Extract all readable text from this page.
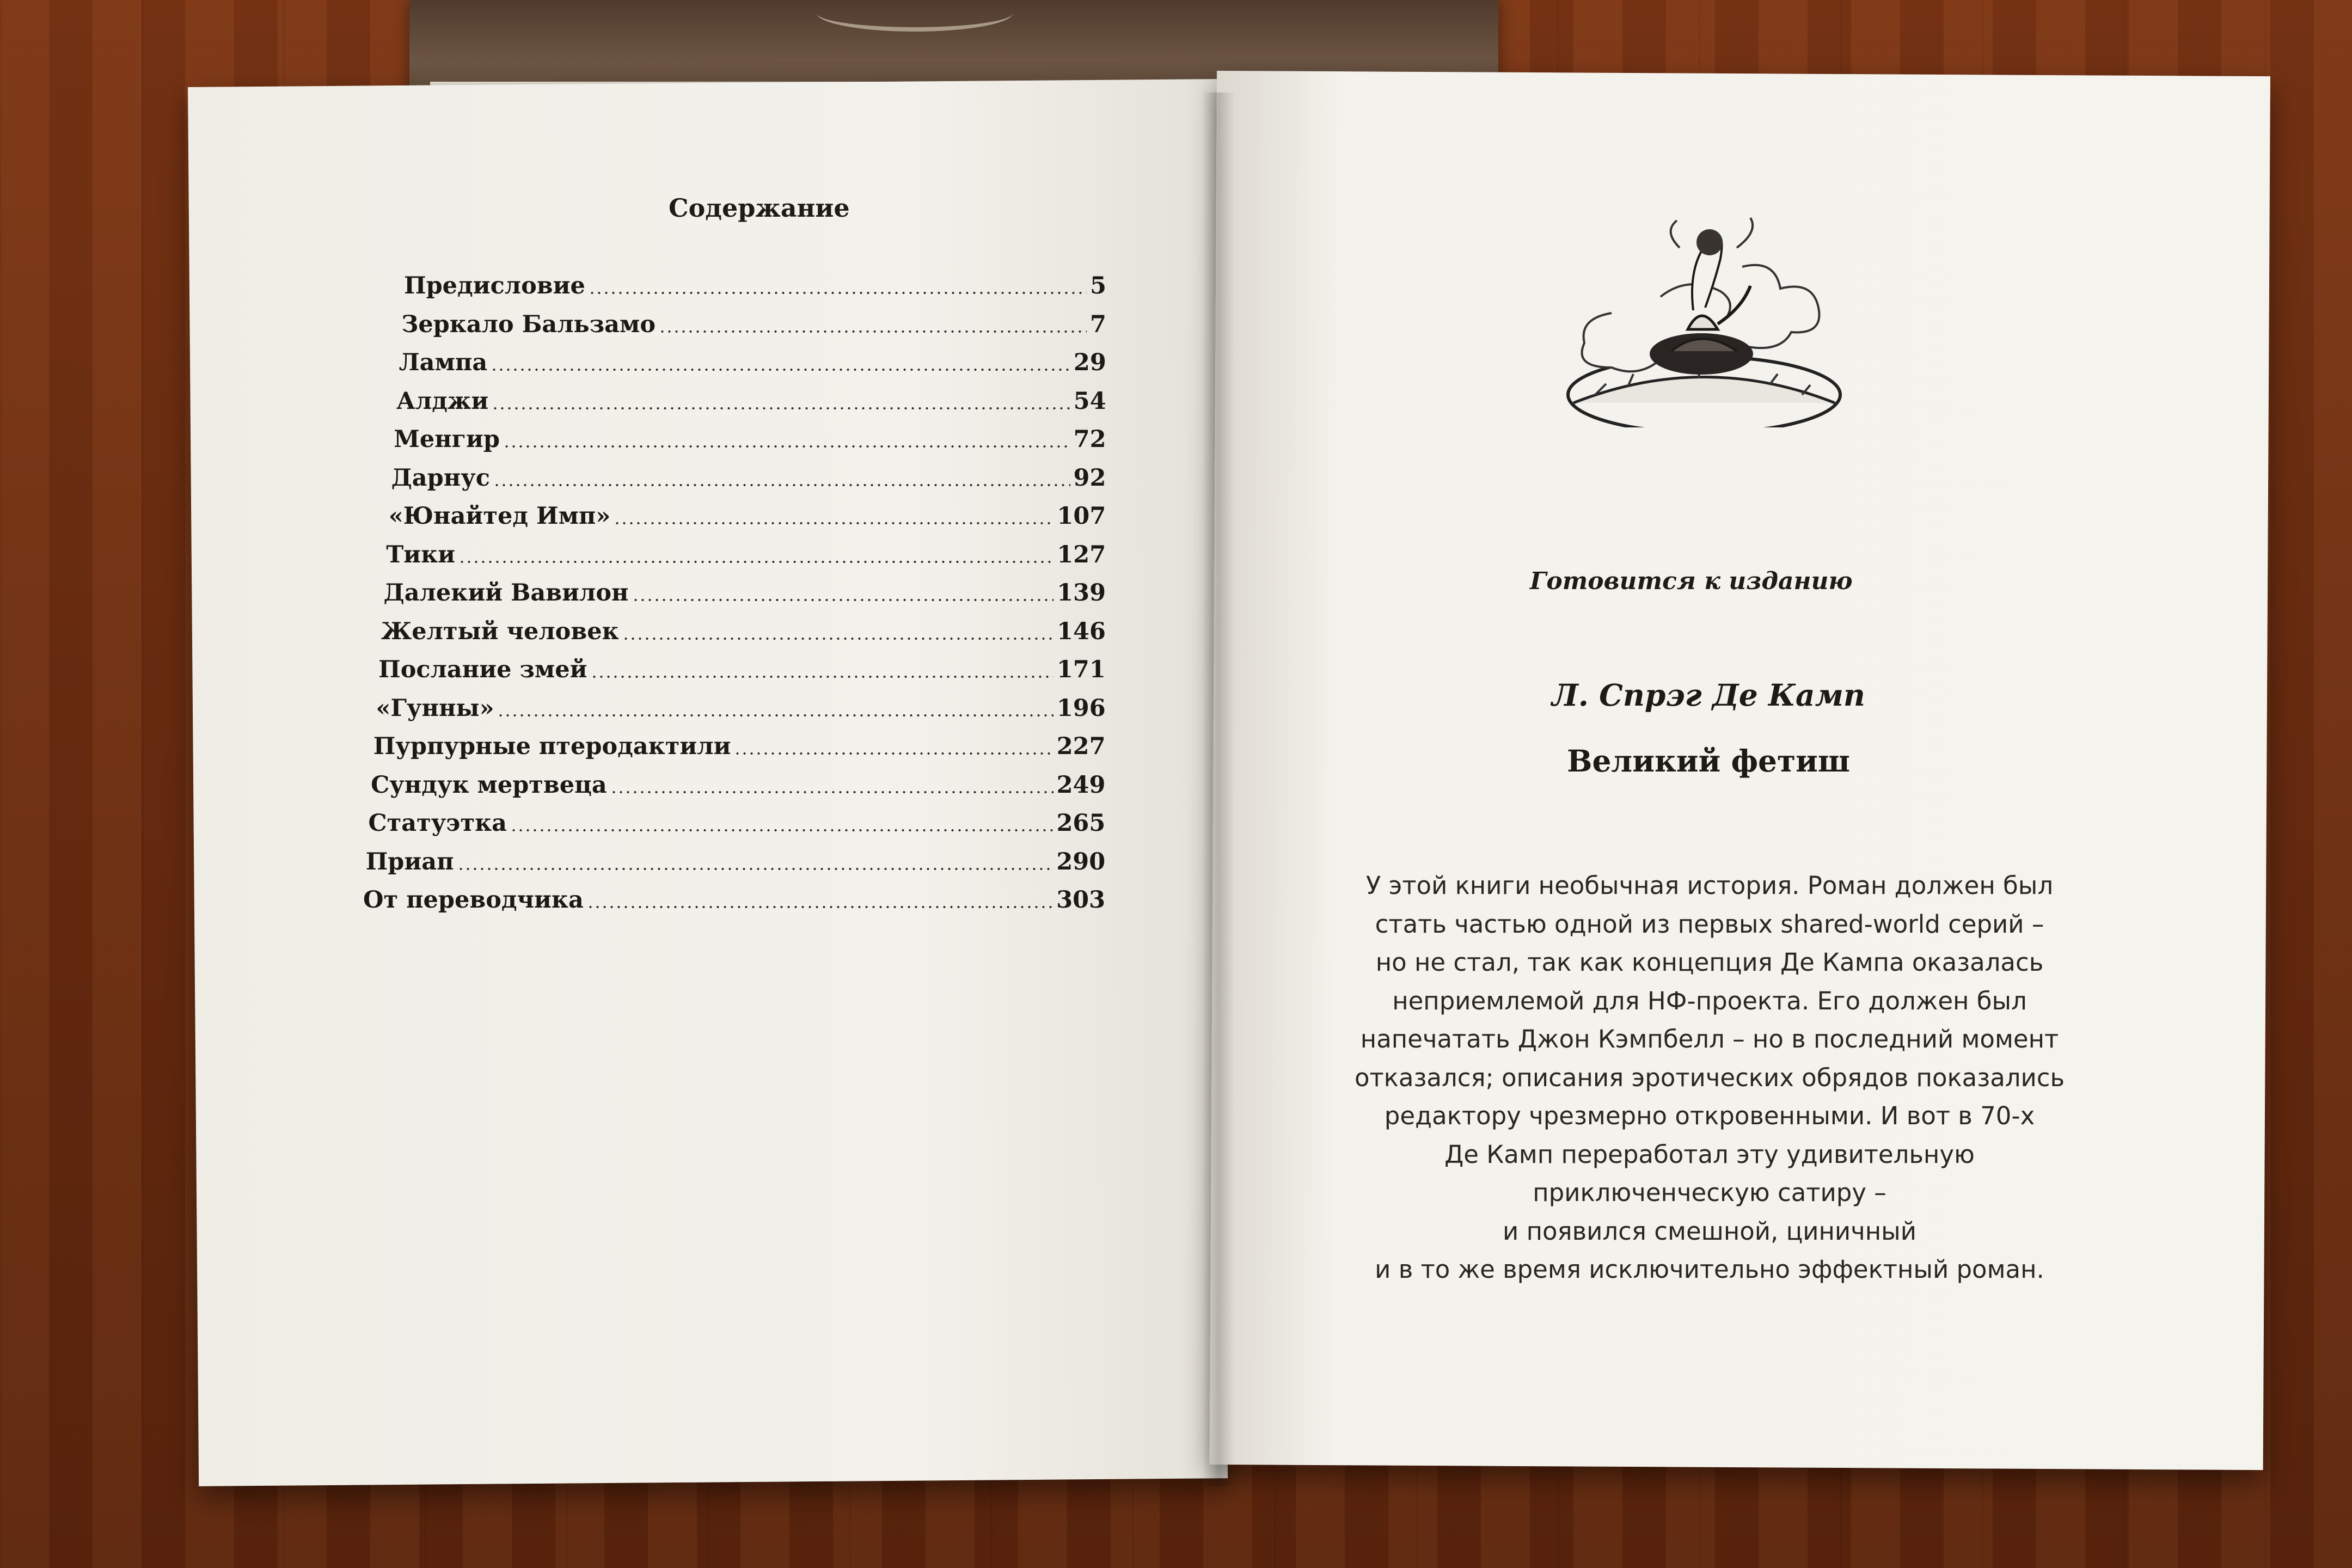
Содержание
Предисловие	5
Зеркало Бальзамо	7
Лампа	29
Алджи	54
Менгир	72
Дарнус	92
«Юнайтед Имп»	107
Тики	127
Далекий Вавилон	139
Желтый человек	146
Послание змей	171
«Гунны»	196
Пурпурные птеродактили	227
Сундук мертвеца	249
Статуэтка	265
Приап	290
От переводчика	303
Готовится к изданию
Л. Спрэг Де Камп
Великий фетиш
У этой книги необычная история. Роман должен был
стать частью одной из первых shared-world серий –
но не стал, так как концепция Де Кампа оказалась
неприемлемой для НФ-проекта. Его должен был
напечатать Джон Кэмпбелл – но в последний момент
отказался; описания эротических обрядов показались
редактору чрезмерно откровенными. И вот в 70-х
Де Камп переработал эту удивительную
приключенческую сатиру –
и появился смешной, циничный
и в то же время исключительно эффектный роман.
